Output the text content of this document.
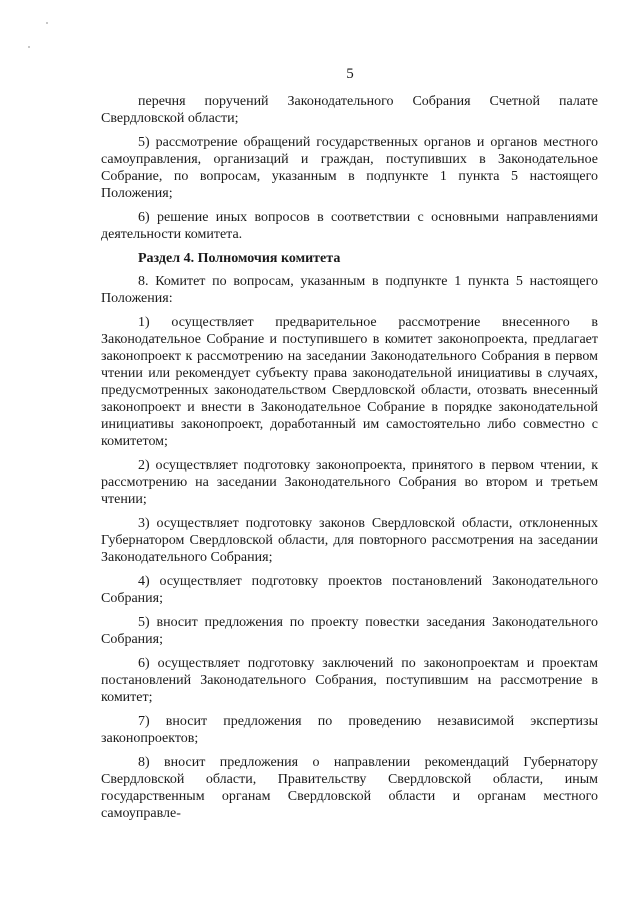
5

перечня поручений Законодательного Собрания Счетной палате Свердловской области;

5) рассмотрение обращений государственных органов и органов местного самоуправления, организаций и граждан, поступивших в Законодательное Собрание, по вопросам, указанным в подпункте 1 пункта 5 настоящего Положения;

6) решение иных вопросов в соответствии с основными направлениями деятельности комитета.

Раздел 4. Полномочия комитета

8. Комитет по вопросам, указанным в подпункте 1 пункта 5 настоящего Положения:

1) осуществляет предварительное рассмотрение внесенного в Законодательное Собрание и поступившего в комитет законопроекта, предлагает законопроект к рассмотрению на заседании Законодательного Собрания в первом чтении или рекомендует субъекту права законодательной инициативы в случаях, предусмотренных законодательством Свердловской области, отозвать внесенный законопроект и внести в Законодательное Собрание в порядке законодательной инициативы законопроект, доработанный им самостоятельно либо совместно с комитетом;

2) осуществляет подготовку законопроекта, принятого в первом чтении, к рассмотрению на заседании Законодательного Собрания во втором и третьем чтении;

3) осуществляет подготовку законов Свердловской области, отклоненных Губернатором Свердловской области, для повторного рассмотрения на заседании Законодательного Собрания;

4) осуществляет подготовку проектов постановлений Законодательного Собрания;

5) вносит предложения по проекту повестки заседания Законодательного Собрания;

6) осуществляет подготовку заключений по законопроектам и проектам постановлений Законодательного Собрания, поступившим на рассмотрение в комитет;

7) вносит предложения по проведению независимой экспертизы законопроектов;

8) вносит предложения о направлении рекомендаций Губернатору Свердловской области, Правительству Свердловской области, иным государственным органам Свердловской области и органам местного самоуправле-
